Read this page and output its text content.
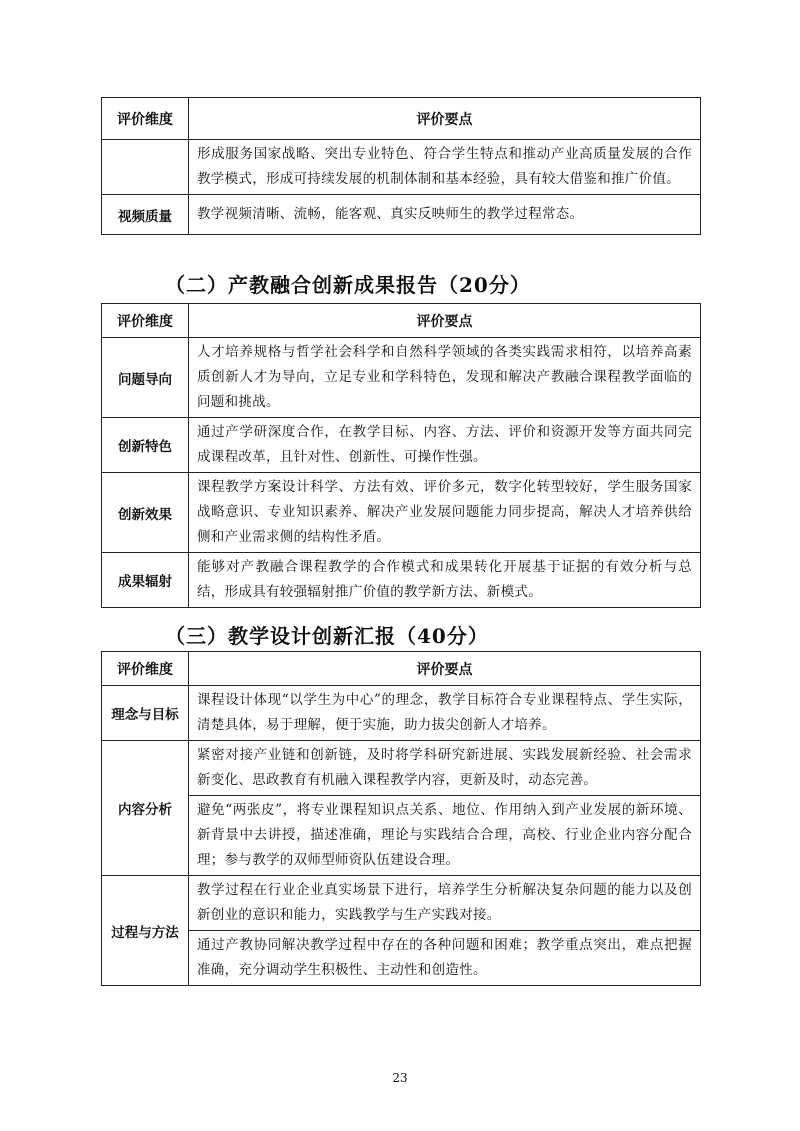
评价维度	评价要点
	形成服务国家战略、突出专业特色、符合学生特点和推动产业高质量发展的合作教学模式，形成可持续发展的机制体制和基本经验，具有较大借鉴和推广价值。
视频质量	教学视频清晰、流畅，能客观、真实反映师生的教学过程常态。
（二）产教融合创新成果报告（20分）
评价维度	评价要点
问题导向	人才培养规格与哲学社会科学和自然科学领域的各类实践需求相符，以培养高素质创新人才为导向，立足专业和学科特色，发现和解决产教融合课程教学面临的问题和挑战。
创新特色	通过产学研深度合作，在教学目标、内容、方法、评价和资源开发等方面共同完成课程改革，且针对性、创新性、可操作性强。
创新效果	课程教学方案设计科学、方法有效、评价多元，数字化转型较好，学生服务国家战略意识、专业知识素养、解决产业发展问题能力同步提高，解决人才培养供给侧和产业需求侧的结构性矛盾。
成果辐射	能够对产教融合课程教学的合作模式和成果转化开展基于证据的有效分析与总结，形成具有较强辐射推广价值的教学新方法、新模式。
（三）教学设计创新汇报（40分）
评价维度	评价要点
理念与目标	课程设计体现“以学生为中心”的理念，教学目标符合专业课程特点、学生实际，清楚具体，易于理解，便于实施，助力拔尖创新人才培养。
内容分析	紧密对接产业链和创新链，及时将学科研究新进展、实践发展新经验、社会需求新变化、思政教育有机融入课程教学内容，更新及时，动态完善。
	避免“两张皮”，将专业课程知识点关系、地位、作用纳入到产业发展的新环境、新背景中去讲授，描述准确，理论与实践结合合理，高校、行业企业内容分配合理；参与教学的双师型师资队伍建设合理。
过程与方法	教学过程在行业企业真实场景下进行，培养学生分析解决复杂问题的能力以及创新创业的意识和能力，实践教学与生产实践对接。
	通过产教协同解决教学过程中存在的各种问题和困难；教学重点突出，难点把握准确，充分调动学生积极性、主动性和创造性。
23
